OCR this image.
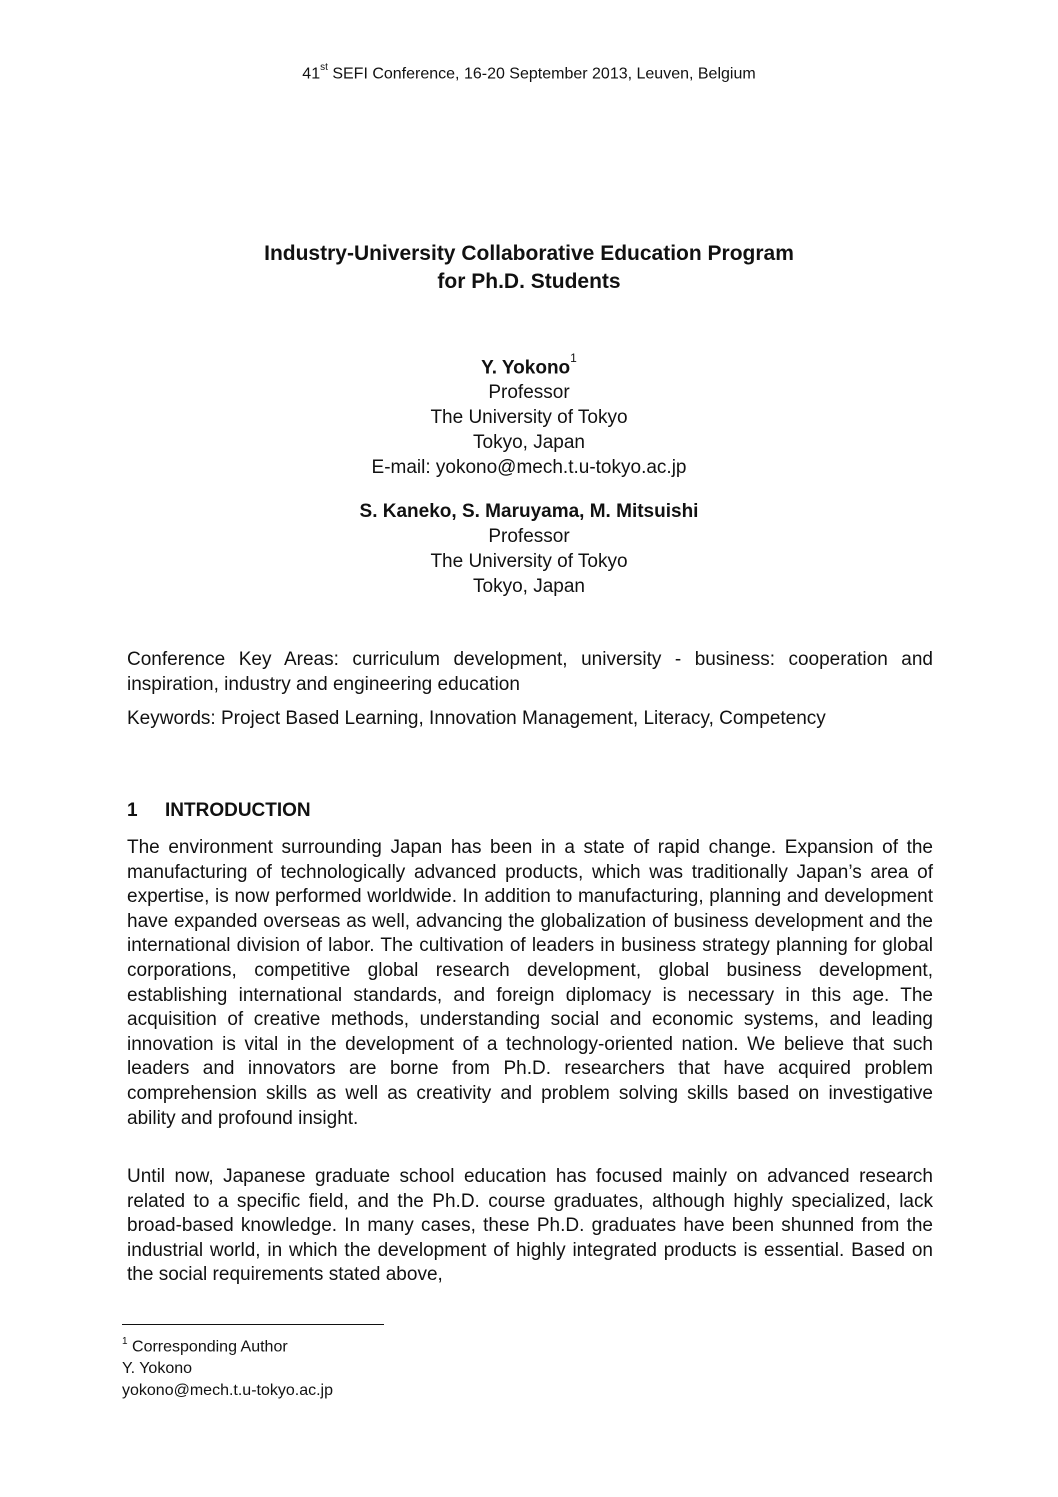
41st SEFI Conference, 16-20 September 2013, Leuven, Belgium
Industry-University Collaborative Education Program
for Ph.D. Students
Y. Yokono$^1$
Professor
The University of Tokyo
Tokyo, Japan
E-mail: yokono@mech.t.u-tokyo.ac.jp
S. Kaneko, S. Maruyama, M. Mitsuishi
Professor
The University of Tokyo
Tokyo, Japan
Conference Key Areas: curriculum development, university - business: cooperation and inspiration, industry and engineering education
Keywords: Project Based Learning, Innovation Management, Literacy, Competency
1 INTRODUCTION

The environment surrounding Japan has been in a state of rapid change. Expansion of the manufacturing of technologically advanced products, which was traditionally Japan’s area of expertise, is now performed worldwide. In addition to manufacturing, planning and development have expanded overseas as well, advancing the globalization of business development and the international division of labor. The cultivation of leaders in business strategy planning for global corporations, competitive global research development, global business development, establishing international standards, and foreign diplomacy is necessary in this age. The acquisition of creative methods, understanding social and economic systems, and leading innovation is vital in the development of a technology-oriented nation. We believe that such leaders and innovators are borne from Ph.D. researchers that have acquired problem comprehension skills as well as creativity and problem solving skills based on investigative ability and profound insight.

Until now, Japanese graduate school education has focused mainly on advanced research related to a specific field, and the Ph.D. course graduates, although highly specialized, lack broad-based knowledge. In many cases, these Ph.D. graduates have been shunned from the industrial world, in which the development of highly integrated products is essential. Based on the social requirements stated above,

$^1$ Corresponding Author
Y. Yokono
yokono@mech.t.u-tokyo.ac.jp
